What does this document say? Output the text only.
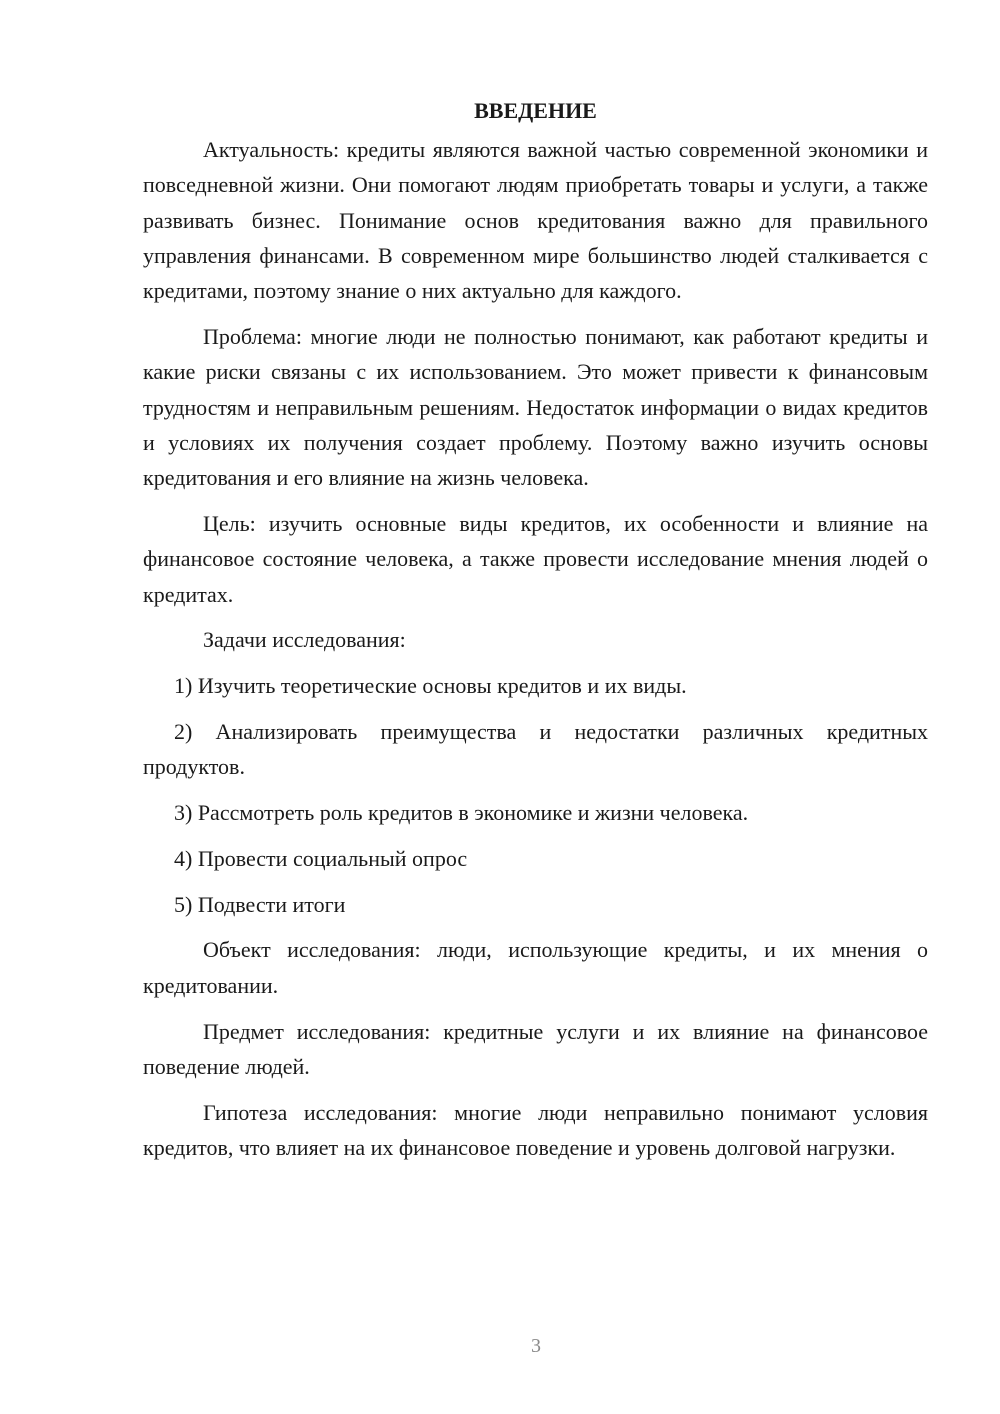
ВВЕДЕНИЕ

Актуальность: кредиты являются важной частью современной экономики и повседневной жизни. Они помогают людям приобретать товары и услуги, а также развивать бизнес. Понимание основ кредитования важно для правильного управления финансами. В современном мире большинство людей сталкивается с кредитами, поэтому знание о них актуально для каждого.

Проблема: многие люди не полностью понимают, как работают кредиты и какие риски связаны с их использованием. Это может привести к финансовым трудностям и неправильным решениям. Недостаток информации о видах кредитов и условиях их получения создает проблему. Поэтому важно изучить основы кредитования и его влияние на жизнь человека.

Цель: изучить основные виды кредитов, их особенности и влияние на финансовое состояние человека, а также провести исследование мнения людей о кредитах.

Задачи исследования:

1) Изучить теоретические основы кредитов и их виды.

2) Анализировать преимущества и недостатки различных кредитных продуктов.

3) Рассмотреть роль кредитов в экономике и жизни человека.

4) Провести социальный опрос

5) Подвести итоги

Объект исследования: люди, использующие кредиты, и их мнения о кредитовании.

Предмет исследования: кредитные услуги и их влияние на финансовое поведение людей.

Гипотеза исследования: многие люди неправильно понимают условия кредитов, что влияет на их финансовое поведение и уровень долговой нагрузки.

3
